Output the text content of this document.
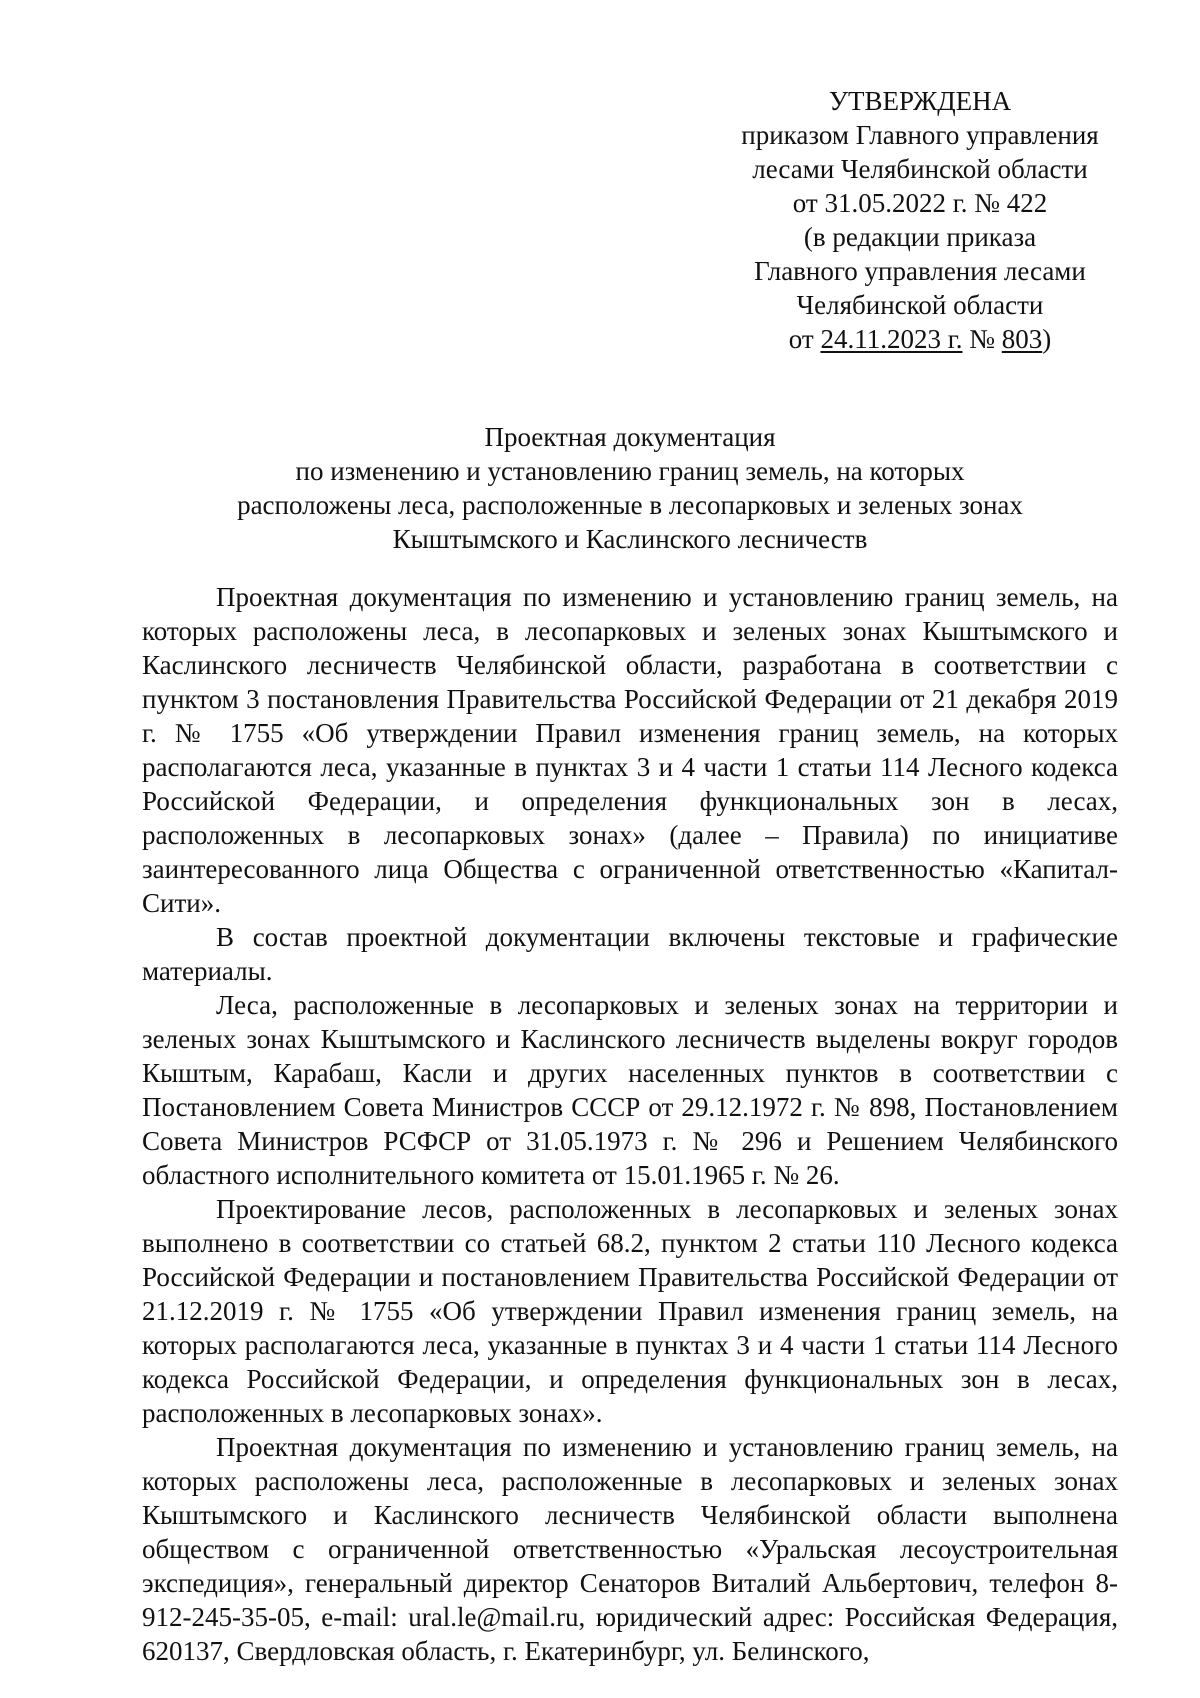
УТВЕРЖДЕНА
приказом Главного управления
лесами Челябинской области
от 31.05.2022 г. № 422
(в редакции приказа
Главного управления лесами
Челябинской области
от 24.11.2023 г. № 803)
Проектная документация
по изменению и установлению границ земель, на которых
расположены леса, расположенные в лесопарковых и зеленых зонах
Кыштымского и Каслинского лесничеств

Проектная документация по изменению и установлению границ земель, на которых расположены леса, в лесопарковых и зеленых зонах Кыштымского и Каслинского лесничеств Челябинской области, разработана в соответствии с пунктом 3 постановления Правительства Российской Федерации от 21 декабря 2019 г. № 1755 «Об утверждении Правил изменения границ земель, на которых располагаются леса, указанные в пунктах 3 и 4 части 1 статьи 114 Лесного кодекса Российской Федерации, и определения функциональных зон в лесах, расположенных в лесопарковых зонах» (далее – Правила) по инициативе заинтересованного лица Общества с ограниченной ответственностью «Капитал-Сити».

В состав проектной документации включены текстовые и графические материалы.

Леса, расположенные в лесопарковых и зеленых зонах на территории и зеленых зонах Кыштымского и Каслинского лесничеств выделены вокруг городов Кыштым, Карабаш, Касли и других населенных пунктов в соответствии с Постановлением Совета Министров СССР от 29.12.1972 г. № 898, Постановлением Совета Министров РСФСР от 31.05.1973 г. № 296 и Решением Челябинского областного исполнительного комитета от 15.01.1965 г. № 26.

Проектирование лесов, расположенных в лесопарковых и зеленых зонах выполнено в соответствии со статьей 68.2, пунктом 2 статьи 110 Лесного кодекса Российской Федерации и постановлением Правительства Российской Федерации от 21.12.2019 г. № 1755 «Об утверждении Правил изменения границ земель, на которых располагаются леса, указанные в пунктах 3 и 4 части 1 статьи 114 Лесного кодекса Российской Федерации, и определения функциональных зон в лесах, расположенных в лесопарковых зонах».

Проектная документация по изменению и установлению границ земель, на которых расположены леса, расположенные в лесопарковых и зеленых зонах Кыштымского и Каслинского лесничеств Челябинской области выполнена обществом с ограниченной ответственностью «Уральская лесоустроительная экспедиция», генеральный директор Сенаторов Виталий Альбертович, телефон 8-912-245-35-05, e-mail: ural.le@mail.ru, юридический адрес: Российская Федерация, 620137, Свердловская область, г. Екатеринбург, ул. Белинского,
